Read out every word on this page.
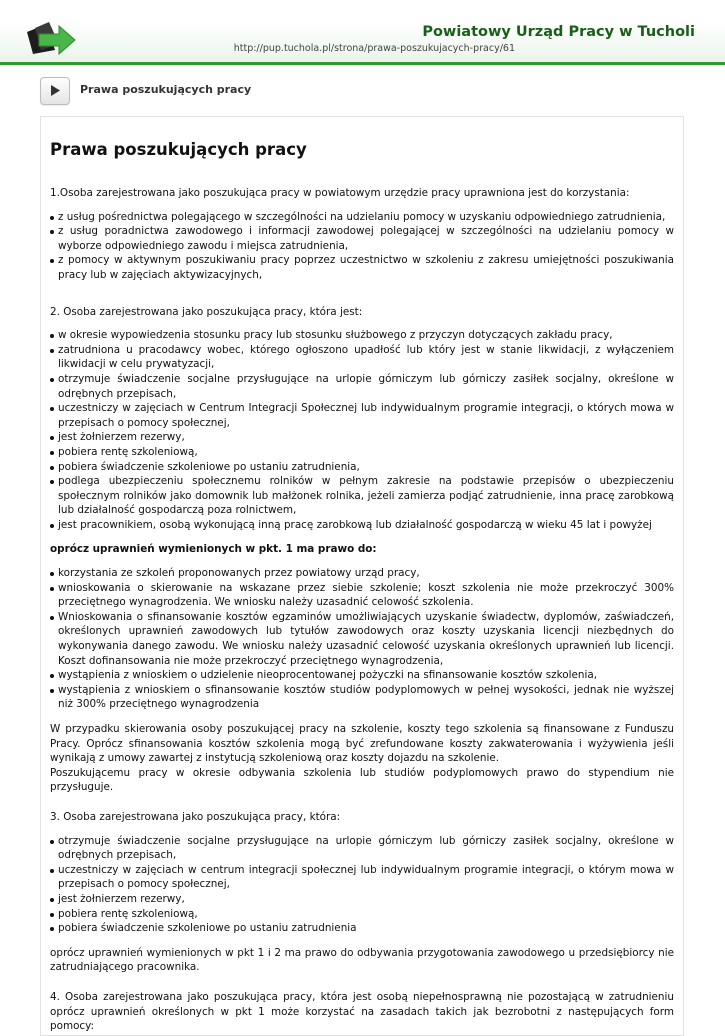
Powiatowy Urząd Pracy w Tucholi
http://pup.tuchola.pl/strona/prawa-poszukujacych-pracy/61
Prawa poszukujących pracy
Prawa poszukujących pracy

1.Osoba zarejestrowana jako poszukująca pracy w powiatowym urzędzie pracy uprawniona jest do korzystania:

z usług pośrednictwa polegającego w szczególności na udzielaniu pomocy w uzyskaniu odpowiedniego zatrudnienia,
z usług poradnictwa zawodowego i informacji zawodowej polegającej w szczególności na udzielaniu pomocy w wyborze odpowiedniego zawodu i miejsca zatrudnienia,
z pomocy w aktywnym poszukiwaniu pracy poprzez uczestnictwo w szkoleniu z zakresu umiejętności poszukiwania pracy lub w zajęciach aktywizacyjnych,

2. Osoba zarejestrowana jako poszukująca pracy, która jest:

w okresie wypowiedzenia stosunku pracy lub stosunku służbowego z przyczyn dotyczących zakładu pracy,
zatrudniona u pracodawcy wobec, którego ogłoszono upadłość lub który jest w stanie likwidacji, z wyłączeniem likwidacji w celu prywatyzacji,
otrzymuje świadczenie socjalne przysługujące na urlopie górniczym lub górniczy zasiłek socjalny, określone w odrębnych przepisach,
uczestniczy w zajęciach w Centrum Integracji Społecznej lub indywidualnym programie integracji, o których mowa w przepisach o pomocy społecznej,
jest żołnierzem rezerwy,
pobiera rentę szkoleniową,
pobiera świadczenie szkoleniowe po ustaniu zatrudnienia,
podlega ubezpieczeniu społecznemu rolników w pełnym zakresie na podstawie przepisów o ubezpieczeniu społecznym rolników jako domownik lub małżonek rolnika, jeżeli zamierza podjąć zatrudnienie, inna pracę zarobkową lub działalność gospodarczą poza rolnictwem,
jest pracownikiem, osobą wykonującą inną pracę zarobkową lub działalność gospodarczą w wieku 45 lat i powyżej

oprócz uprawnień wymienionych w pkt. 1 ma prawo do:

korzystania ze szkoleń proponowanych przez powiatowy urząd pracy,
wnioskowania o skierowanie na wskazane przez siebie szkolenie; koszt szkolenia nie może przekroczyć 300% przeciętnego wynagrodzenia. We wniosku należy uzasadnić celowość szkolenia.
Wnioskowania o sfinansowanie kosztów egzaminów umożliwiających uzyskanie świadectw, dyplomów, zaświadczeń, określonych uprawnień zawodowych lub tytułów zawodowych oraz koszty uzyskania licencji niezbędnych do wykonywania danego zawodu. We wniosku należy uzasadnić celowość uzyskania określonych uprawnień lub licencji. Koszt dofinansowania nie może przekroczyć przeciętnego wynagrodzenia,
wystąpienia z wnioskiem o udzielenie nieoprocentowanej pożyczki na sfinansowanie kosztów szkolenia,
wystąpienia z wnioskiem o sfinansowanie kosztów studiów podyplomowych w pełnej wysokości, jednak nie wyższej niż 300% przeciętnego wynagrodzenia

W przypadku skierowania osoby poszukującej pracy na szkolenie, koszty tego szkolenia są finansowane z Funduszu Pracy. Oprócz sfinansowania kosztów szkolenia mogą być zrefundowane koszty zakwaterowania i wyżywienia jeśli wynikają z umowy zawartej z instytucją szkoleniową oraz koszty dojazdu na szkolenie.

Poszukującemu pracy w okresie odbywania szkolenia lub studiów podyplomowych prawo do stypendium nie przysługuje.

3. Osoba zarejestrowana jako poszukująca pracy, która:

otrzymuje świadczenie socjalne przysługujące na urlopie górniczym lub górniczy zasiłek socjalny, określone w odrębnych przepisach,
uczestniczy w zajęciach w centrum integracji społecznej lub indywidualnym programie integracji, o którym mowa w przepisach o pomocy społecznej,
jest żołnierzem rezerwy,
pobiera rentę szkoleniową,
pobiera świadczenie szkoleniowe po ustaniu zatrudnienia

oprócz uprawnień wymienionych w pkt 1 i 2 ma prawo do odbywania przygotowania zawodowego u przedsiębiorcy nie zatrudniającego pracownika.

4. Osoba zarejestrowana jako poszukująca pracy, która jest osobą niepełnosprawną nie pozostającą w zatrudnieniu oprócz uprawnień określonych w pkt 1 może korzystać na zasadach takich jak bezrobotni z następujących form pomocy:
